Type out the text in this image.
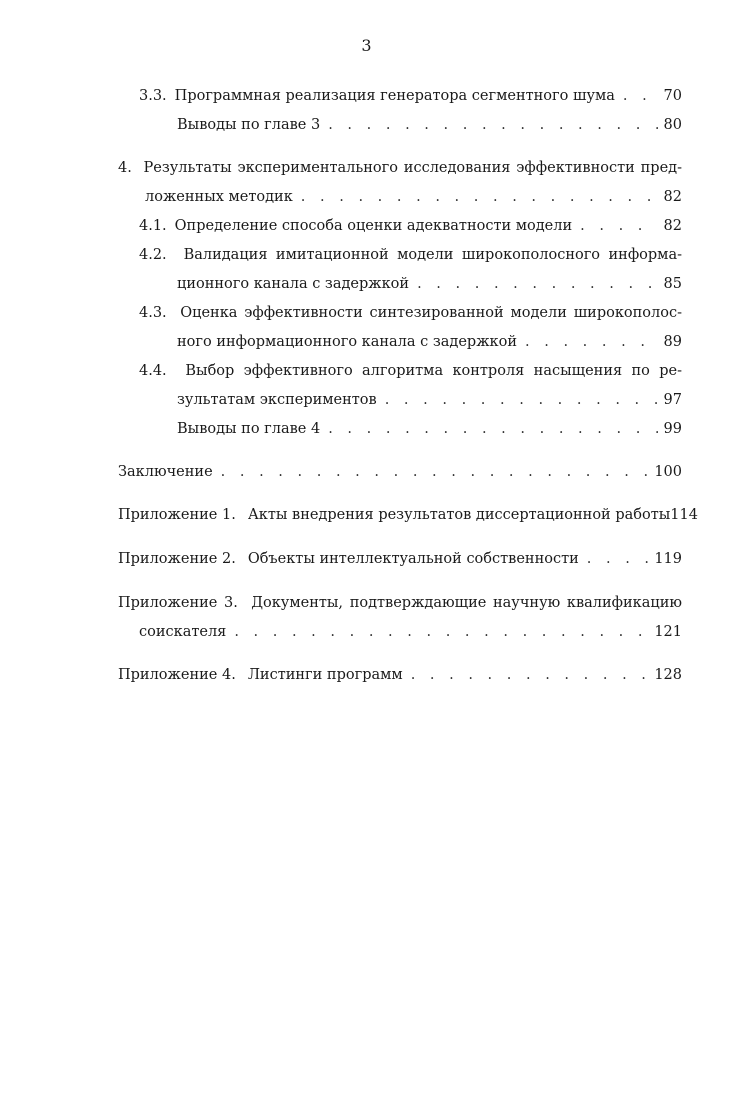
3
3.3. Программная реализация генератора сегментного шума . . .	70
Выводы по главе 3 . . .	80
4. Результаты экспериментального исследования эффективности пред-
ложенных методик . . .	82
4.1. Определение способа оценки адекватности модели . . .	82
4.2. Валидация имитационной модели широкополосного информа-
ционного канала с задержкой . . .	85
4.3. Оценка эффективности синтезированной модели широкополос-
ного информационного канала с задержкой . . .	89
4.4. Выбор эффективного алгоритма контроля насыщения по ре-
зультатам экспериментов . . .	97
Выводы по главе 4 . . .	99
Заключение . . .	100
Приложение 1. Акты внедрения результатов диссертационной работы 114
Приложение 2. Объекты интеллектуальной собственности . . .	119
Приложение 3. Документы, подтверждающие научную квалификацию
соискателя . . .	121
Приложение 4. Листинги программ . . .	128
